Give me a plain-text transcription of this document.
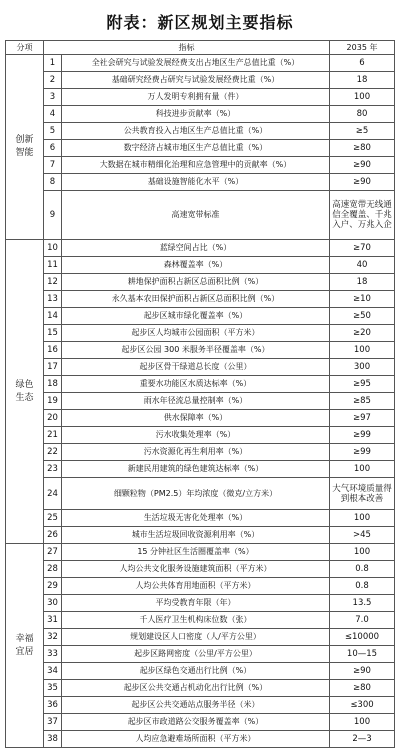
附表：新区规划主要指标
分项	指标		2035 年
创新
智能	1	全社会研究与试验发展经费支出占地区生产总值比重（%）	6
	2	基础研究经费占研究与试验发展经费比重（%）	18
	3	万人发明专利拥有量（件）	100
	4	科技进步贡献率（%）	80
	5	公共教育投入占地区生产总值比重（%）	≥5
	6	数字经济占城市地区生产总值比重（%）	≥80
	7	大数据在城市精细化治理和应急管理中的贡献率（%）	≥90
	8	基础设施智能化水平（%）	≥90
	9	高速宽带标准	高速宽带无线通信全覆盖、千兆入户、万兆入企
绿色
生态	10	蓝绿空间占比（%）	≥70
	11	森林覆盖率（%）	40
	12	耕地保护面积占新区总面积比例（%）	18
	13	永久基本农田保护面积占新区总面积比例（%）	≥10
	14	起步区城市绿化覆盖率（%）	≥50
	15	起步区人均城市公园面积（平方米）	≥20
	16	起步区公园 300 米服务半径覆盖率（%）	100
	17	起步区骨干绿道总长度（公里）	300
	18	重要水功能区水质达标率（%）	≥95
	19	雨水年径流总量控制率（%）	≥85
	20	供水保障率（%）	≥97
	21	污水收集处理率（%）	≥99
	22	污水资源化再生利用率（%）	≥99
	23	新建民用建筑的绿色建筑达标率（%）	100
	24	细颗粒物（PM2.5）年均浓度（微克/立方米）	大气环境质量得到根本改善
	25	生活垃圾无害化处理率（%）	100
	26	城市生活垃圾回收资源利用率（%）	>45
幸福
宜居	27	15 分钟社区生活圈覆盖率（%）	100
	28	人均公共文化服务设施建筑面积（平方米）	0.8
	29	人均公共体育用地面积（平方米）	0.8
	30	平均受教育年限（年）	13.5
	31	千人医疗卫生机构床位数（张）	7.0
	32	规划建设区人口密度（人/平方公里）	≤10000
	33	起步区路网密度（公里/平方公里）	10—15
	34	起步区绿色交通出行比例（%）	≥90
	35	起步区公共交通占机动化出行比例（%）	≥80
	36	起步区公共交通站点服务半径（米）	≤300
	37	起步区市政道路公交服务覆盖率（%）	100
	38	人均应急避难场所面积（平方米）	2—3
